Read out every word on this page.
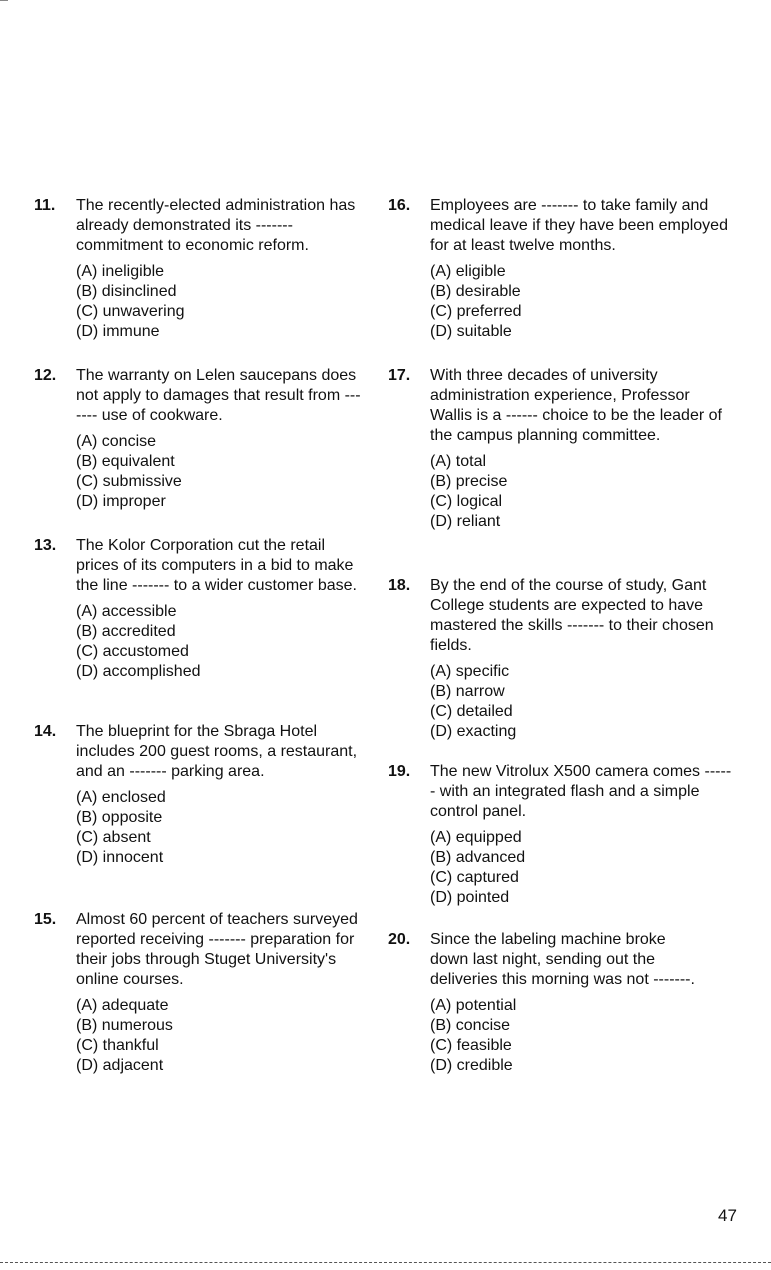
11. The recently-elected administration has already demonstrated its ------- commitment to economic reform.

(A) ineligible
(B) disinclined
(C) unwavering
(D) immune
12. The warranty on Lelen saucepans does not apply to damages that result from ------- use of cookware.

(A) concise
(B) equivalent
(C) submissive
(D) improper
13. The Kolor Corporation cut the retail prices of its computers in a bid to make the line ------- to a wider customer base.

(A) accessible
(B) accredited
(C) accustomed
(D) accomplished
14. The blueprint for the Sbraga Hotel includes 200 guest rooms, a restaurant, and an ------- parking area.

(A) enclosed
(B) opposite
(C) absent
(D) innocent
15. Almost 60 percent of teachers surveyed reported receiving ------- preparation for their jobs through Stuget University's online courses.

(A) adequate
(B) numerous
(C) thankful
(D) adjacent
16. Employees are ------- to take family and medical leave if they have been employed for at least twelve months.

(A) eligible
(B) desirable
(C) preferred
(D) suitable
17. With three decades of university administration experience, Professor Wallis is a ------ choice to be the leader of the campus planning committee.

(A) total
(B) precise
(C) logical
(D) reliant
18. By the end of the course of study, Gant College students are expected to have mastered the skills ------- to their chosen fields.

(A) specific
(B) narrow
(C) detailed
(D) exacting
19. The new Vitrolux X500 camera comes ------ with an integrated flash and a simple control panel.

(A) equipped
(B) advanced
(C) captured
(D) pointed
20. Since the labeling machine broke down last night, sending out the deliveries this morning was not -------.

(A) potential
(B) concise
(C) feasible
(D) credible
47
